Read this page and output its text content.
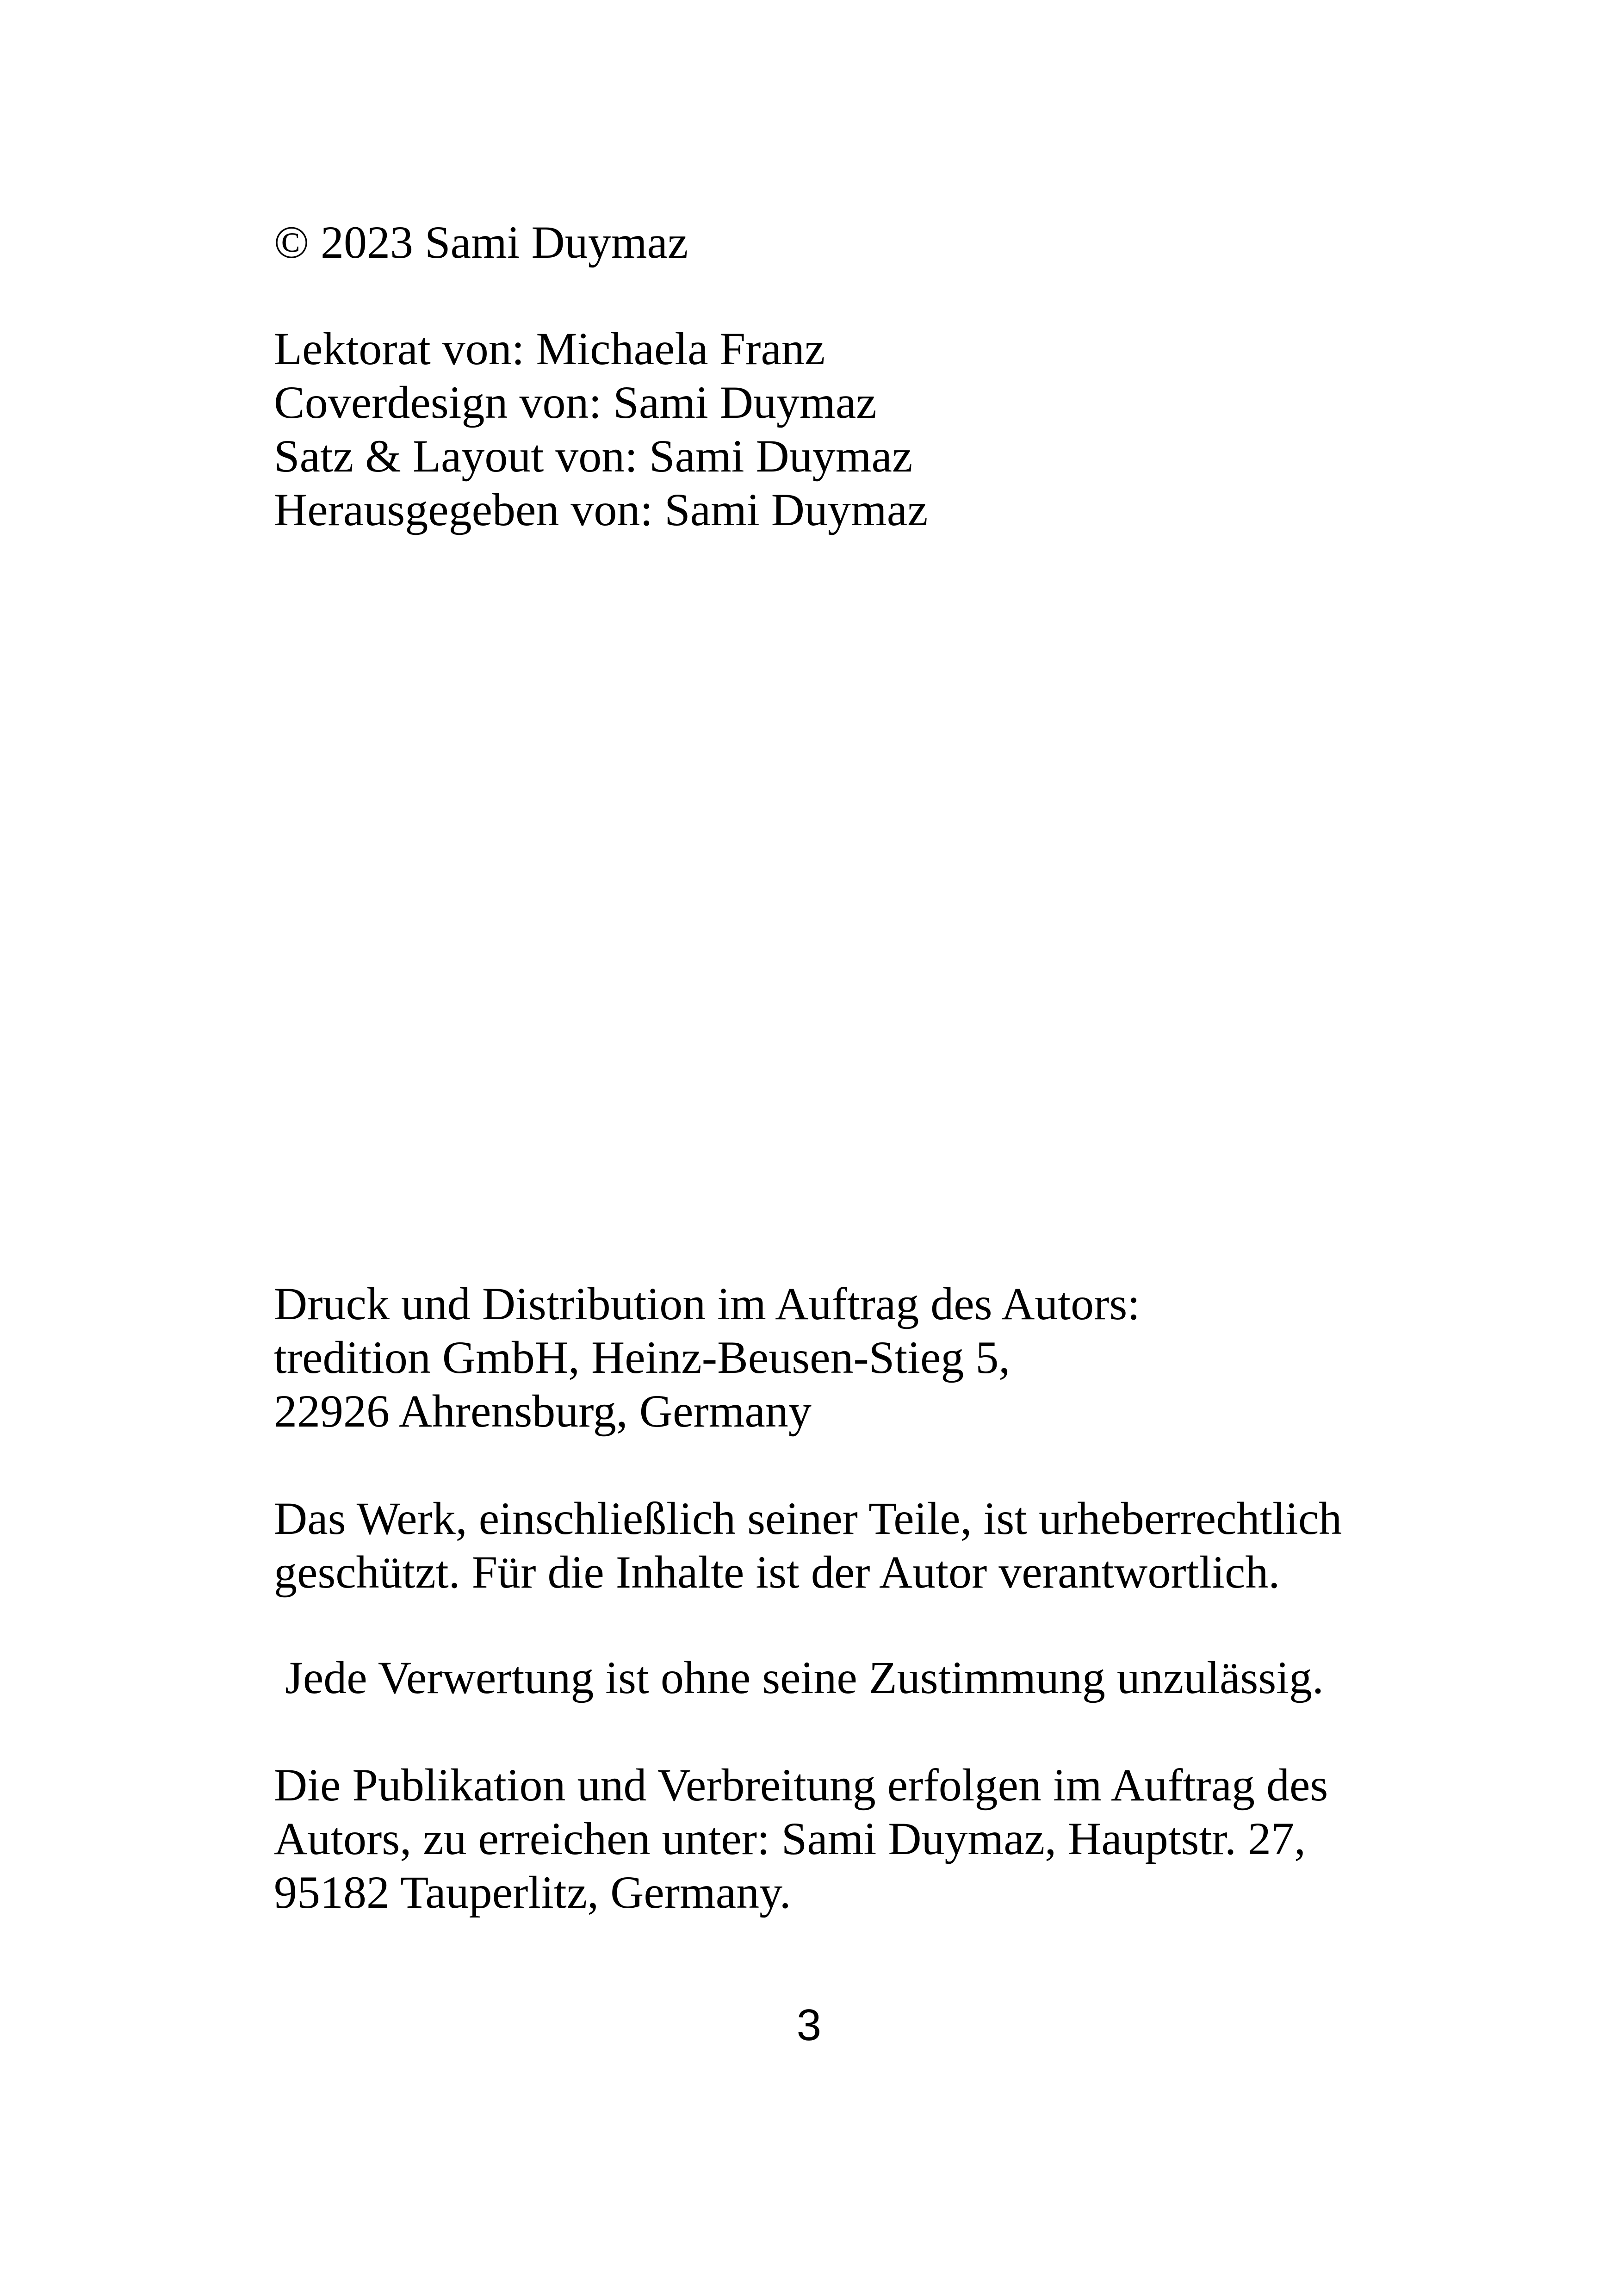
© 2023 Sami Duymaz
Lektorat von: Michaela Franz
Coverdesign von: Sami Duymaz
Satz & Layout von: Sami Duymaz
Herausgegeben von: Sami Duymaz
Druck und Distribution im Auftrag des Autors:
tredition GmbH, Heinz-Beusen-Stieg 5,
22926 Ahrensburg, Germany
Das Werk, einschließlich seiner Teile, ist urheberrechtlich
geschützt. Für die Inhalte ist der Autor verantwortlich.
Jede Verwertung ist ohne seine Zustimmung unzulässig.
Die Publikation und Verbreitung erfolgen im Auftrag des
Autors, zu erreichen unter: Sami Duymaz, Hauptstr. 27,
95182 Tauperlitz, Germany.
3
